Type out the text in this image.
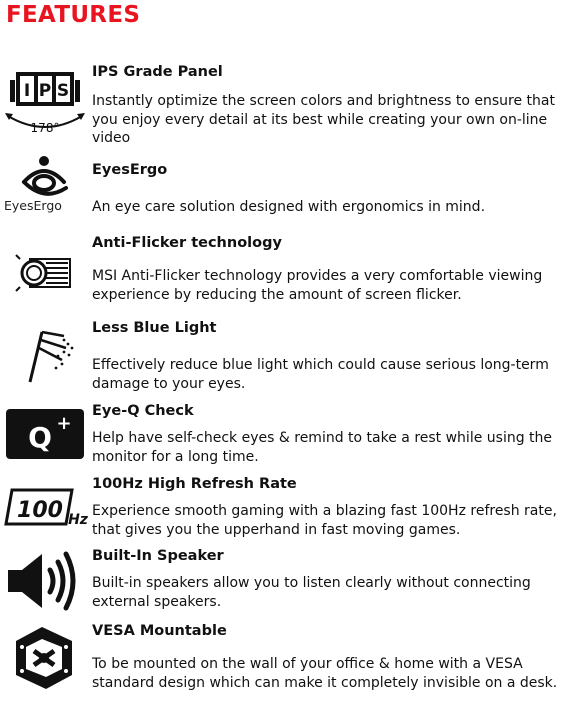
FEATURES
I P S
178°
IPS Grade Panel
Instantly optimize the screen colors and brightness to ensure that you enjoy every detail at its best while creating your own on-line video
EyesErgo
EyesErgo
An eye care solution designed with ergonomics in mind.
Anti-Flicker technology
MSI Anti-Flicker technology provides a very comfortable viewing experience by reducing the amount of screen flicker.
Less Blue Light
Effectively reduce blue light which could cause serious long-term damage to your eyes.
Q +
Eye-Q Check
Help have self-check eyes & remind to take a rest while using the monitor for a long time.
100 Hz
100Hz High Refresh Rate
Experience smooth gaming with a blazing fast 100Hz refresh rate, that gives you the upperhand in fast moving games.
Built-In Speaker
Built-in speakers allow you to listen clearly without connecting external speakers.
VESA Mountable
To be mounted on the wall of your office & home with a VESA standard design which can make it completely invisible on a desk.
